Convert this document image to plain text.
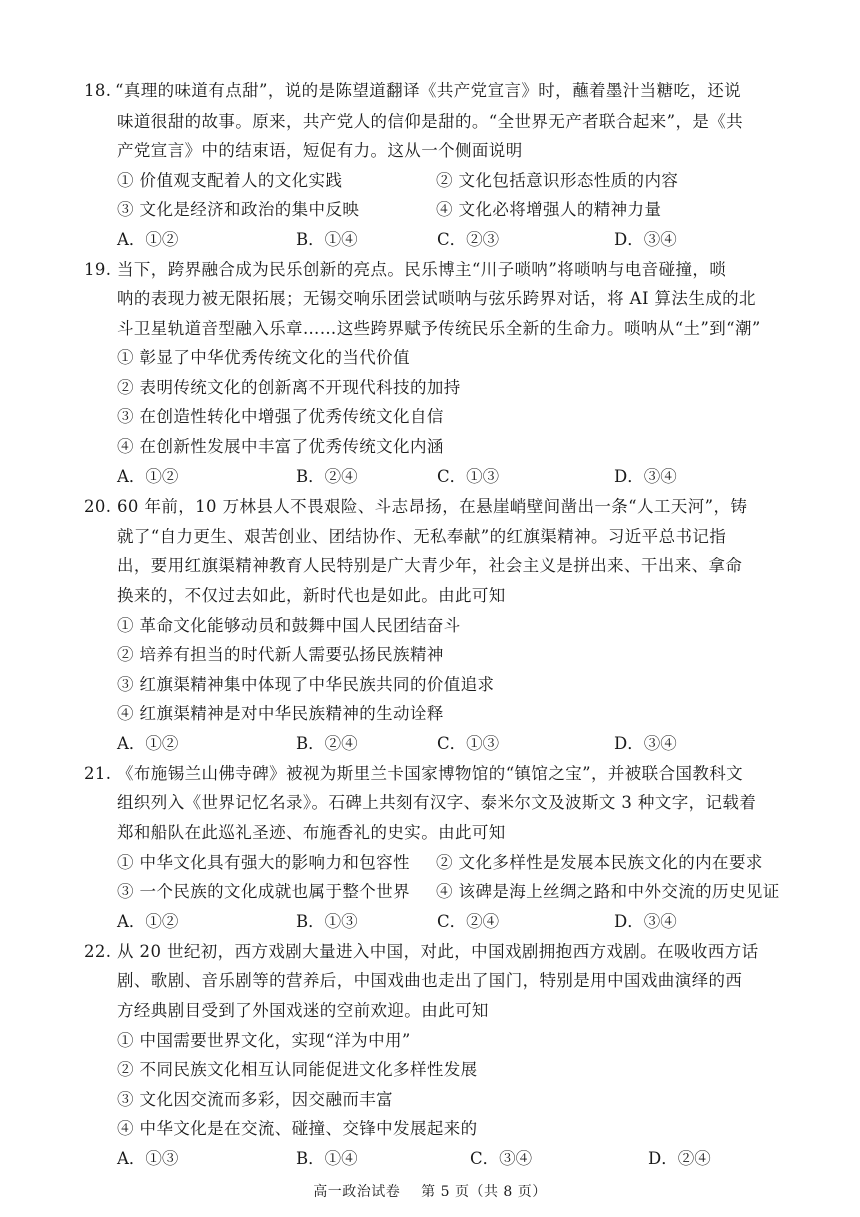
18. “真理的味道有点甜”，说的是陈望道翻译《共产党宣言》时，蘸着墨汁当糖吃，还说
味道很甜的故事。原来，共产党人的信仰是甜的。“全世界无产者联合起来”，是《共
产党宣言》中的结束语，短促有力。这从一个侧面说明
① 价值观支配着人的文化实践	② 文化包括意识形态性质的内容
③ 文化是经济和政治的集中反映	④ 文化必将增强人的精神力量
A．①②	B．①④	C．②③	D．③④
19. 当下，跨界融合成为民乐创新的亮点。民乐博主“川子唢呐”将唢呐与电音碰撞，唢
呐的表现力被无限拓展；无锡交响乐团尝试唢呐与弦乐跨界对话，将 AI 算法生成的北
斗卫星轨道音型融入乐章……这些跨界赋予传统民乐全新的生命力。唢呐从“土”到“潮”
① 彰显了中华优秀传统文化的当代价值
② 表明传统文化的创新离不开现代科技的加持
③ 在创造性转化中增强了优秀传统文化自信
④ 在创新性发展中丰富了优秀传统文化内涵
A．①②	B．②④	C．①③	D．③④
20. 60 年前，10 万林县人不畏艰险、斗志昂扬，在悬崖峭壁间凿出一条“人工天河”，铸
就了“自力更生、艰苦创业、团结协作、无私奉献”的红旗渠精神。习近平总书记指
出，要用红旗渠精神教育人民特别是广大青少年，社会主义是拼出来、干出来、拿命
换来的，不仅过去如此，新时代也是如此。由此可知
① 革命文化能够动员和鼓舞中国人民团结奋斗
② 培养有担当的时代新人需要弘扬民族精神
③ 红旗渠精神集中体现了中华民族共同的价值追求
④ 红旗渠精神是对中华民族精神的生动诠释
A．①②	B．②④	C．①③	D．③④
21. 《布施锡兰山佛寺碑》被视为斯里兰卡国家博物馆的“镇馆之宝”，并被联合国教科文
组织列入《世界记忆名录》。石碑上共刻有汉字、泰米尔文及波斯文 3 种文字，记载着
郑和船队在此巡礼圣迹、布施香礼的史实。由此可知
① 中华文化具有强大的影响力和包容性 ② 文化多样性是发展本民族文化的内在要求
③ 一个民族的文化成就也属于整个世界 ④ 该碑是海上丝绸之路和中外交流的历史见证
A．①②	B．①③	C．②④	D．③④
22. 从 20 世纪初，西方戏剧大量进入中国，对此，中国戏剧拥抱西方戏剧。在吸收西方话
剧、歌剧、音乐剧等的营养后，中国戏曲也走出了国门，特别是用中国戏曲演绎的西
方经典剧目受到了外国戏迷的空前欢迎。由此可知
① 中国需要世界文化，实现“洋为中用”
② 不同民族文化相互认同能促进文化多样性发展
③ 文化因交流而多彩，因交融而丰富
④ 中华文化是在交流、碰撞、交锋中发展起来的
A．①③	B．①④	C．③④	D．②④
高一政治试卷 第 5 页（共 8 页）
